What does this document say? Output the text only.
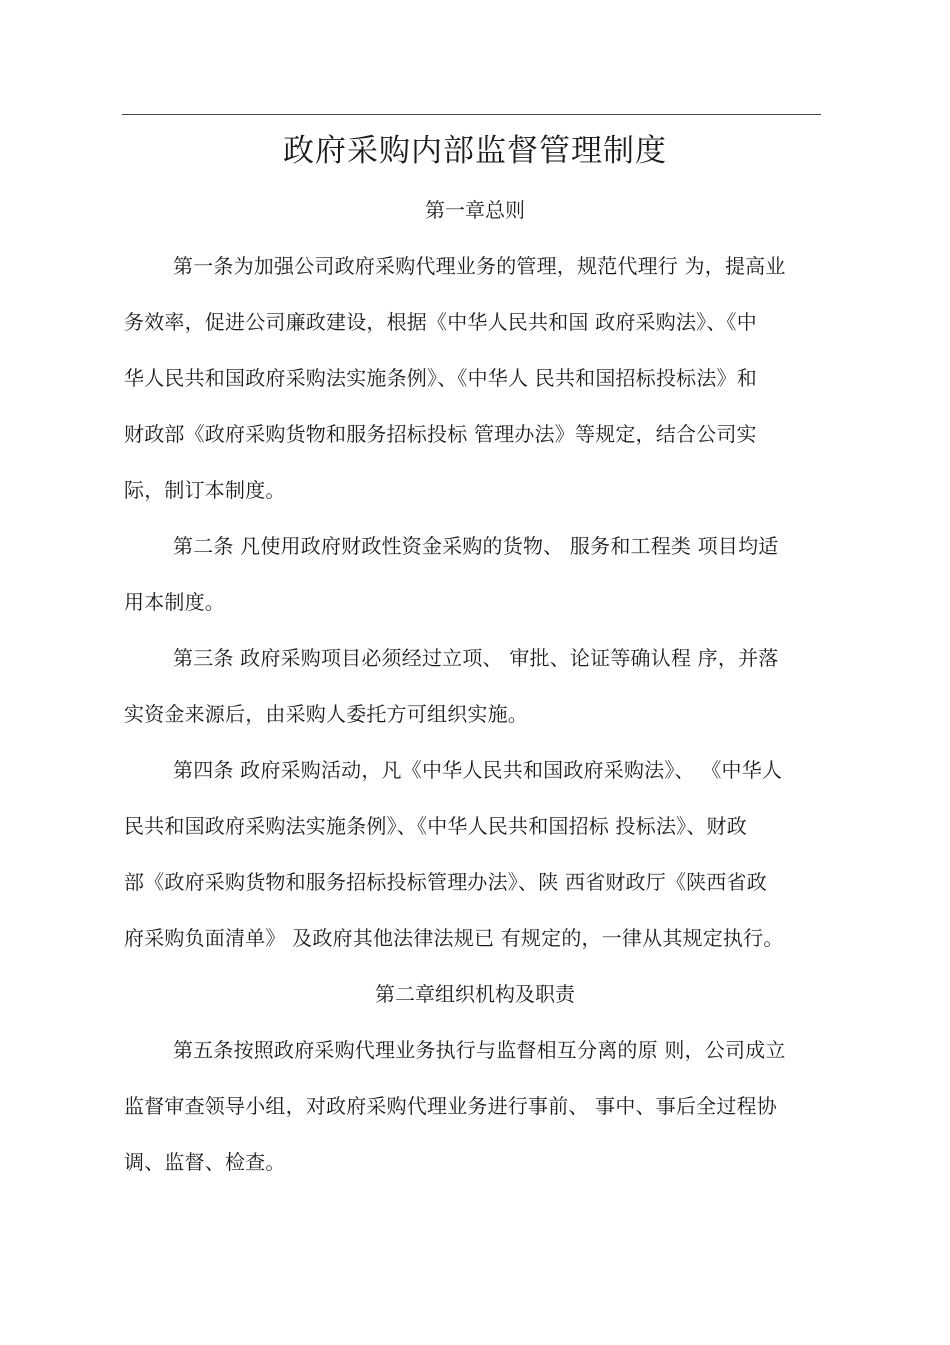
政府采购内部监督管理制度
第一章总则
第一条为加强公司政府采购代理业务的管理，规范代理行 为，提高业
务效率，促进公司廉政建设，根据《中华人民共和国 政府采购法》、《中
华人民共和国政府采购法实施条例》、《中华人 民共和国招标投标法》和
财政部《政府采购货物和服务招标投标 管理办法》等规定，结合公司实
际，制订本制度。
第二条 凡使用政府财政性资金采购的货物、 服务和工程类 项目均适
用本制度。
第三条 政府采购项目必须经过立项、 审批、论证等确认程 序，并落
实资金来源后，由采购人委托方可组织实施。
第四条 政府采购活动，凡《中华人民共和国政府采购法》、 《中华人
民共和国政府采购法实施条例》、《中华人民共和国招标 投标法》、财政
部《政府采购货物和服务招标投标管理办法》、陕 西省财政厅《陕西省政
府采购负面清单》 及政府其他法律法规已 有规定的，一律从其规定执行。
第二章组织机构及职责
第五条按照政府采购代理业务执行与监督相互分离的原 则，公司成立
监督审查领导小组，对政府采购代理业务进行事前、 事中、事后全过程协
调、监督、检查。
